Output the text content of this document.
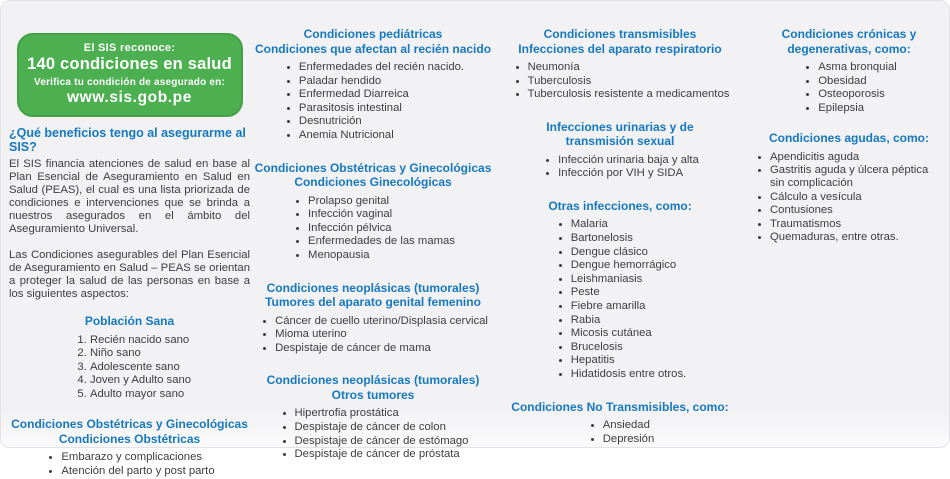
El SIS reconoce:
140 condiciones en salud
Verifica tu condición de asegurado en:
www.sis.gob.pe
¿Qué beneficios tengo al asegurarme al SIS?

El SIS financia atenciones de salud en base al Plan Esencial de Aseguramiento en Salud en Salud (PEAS), el cual es una lista priorizada de condiciones e intervenciones que se brinda a nuestros asegurados en el ámbito del Aseguramiento Universal.

Las Condiciones asegurables del Plan Esencial de Aseguramiento en Salud – PEAS se orientan a proteger la salud de las personas en base a los siguientes aspectos:

Población Sana
1. Recién nacido sano
2. Niño sano
3. Adolescente sano
4. Joven y Adulto sano
5. Adulto mayor sano
Condiciones Obstétricas y Ginecológicas
Condiciones Obstétricas
• Embarazo y complicaciones
• Atención del parto y post parto
Condiciones pediátricas
Condiciones que afectan al recién nacido
• Enfermedades del recién nacido.
• Paladar hendido
• Enfermedad Diarreica
• Parasitosis intestinal
• Desnutrición
• Anemia Nutricional
Condiciones Obstétricas y Ginecológicas
Condiciones Ginecológicas
• Prolapso genital
• Infección vaginal
• Infección pélvica
• Enfermedades de las mamas
• Menopausia
Condiciones neoplásicas (tumorales)
Tumores del aparato genital femenino
• Cáncer de cuello uterino/Displasia cervical
• Mioma uterino
• Despistaje de cáncer de mama
Condiciones neoplásicas (tumorales)
Otros tumores
• Hipertrofia prostática
• Despistaje de cáncer de colon
• Despistaje de cáncer de estómago
• Despistaje de cáncer de próstata
Condiciones transmisibles
Infecciones del aparato respiratorio
• Neumonía
• Tuberculosis
• Tuberculosis resistente a medicamentos
Infecciones urinarias y de
transmisión sexual
• Infección urinaria baja y alta
• Infección por VIH y SIDA
Otras infecciones, como:
• Malaria
• Bartonelosis
• Dengue clásico
• Dengue hemorrágico
• Leishmaniasis
• Peste
• Fiebre amarilla
• Rabia
• Micosis cutánea
• Brucelosis
• Hepatitis
• Hidatidosis entre otros.
Condiciones No Transmisibles, como:
• Ansiedad
• Depresión
Condiciones crónicas y
degenerativas, como:
• Asma bronquial
• Obesidad
• Osteoporosis
• Epilepsia
Condiciones agudas, como:
• Apendicitis aguda
• Gastritis aguda y úlcera péptica sin complicación
• Cálculo a vesícula
• Contusiones
• Traumatismos
• Quemaduras, entre otras.
